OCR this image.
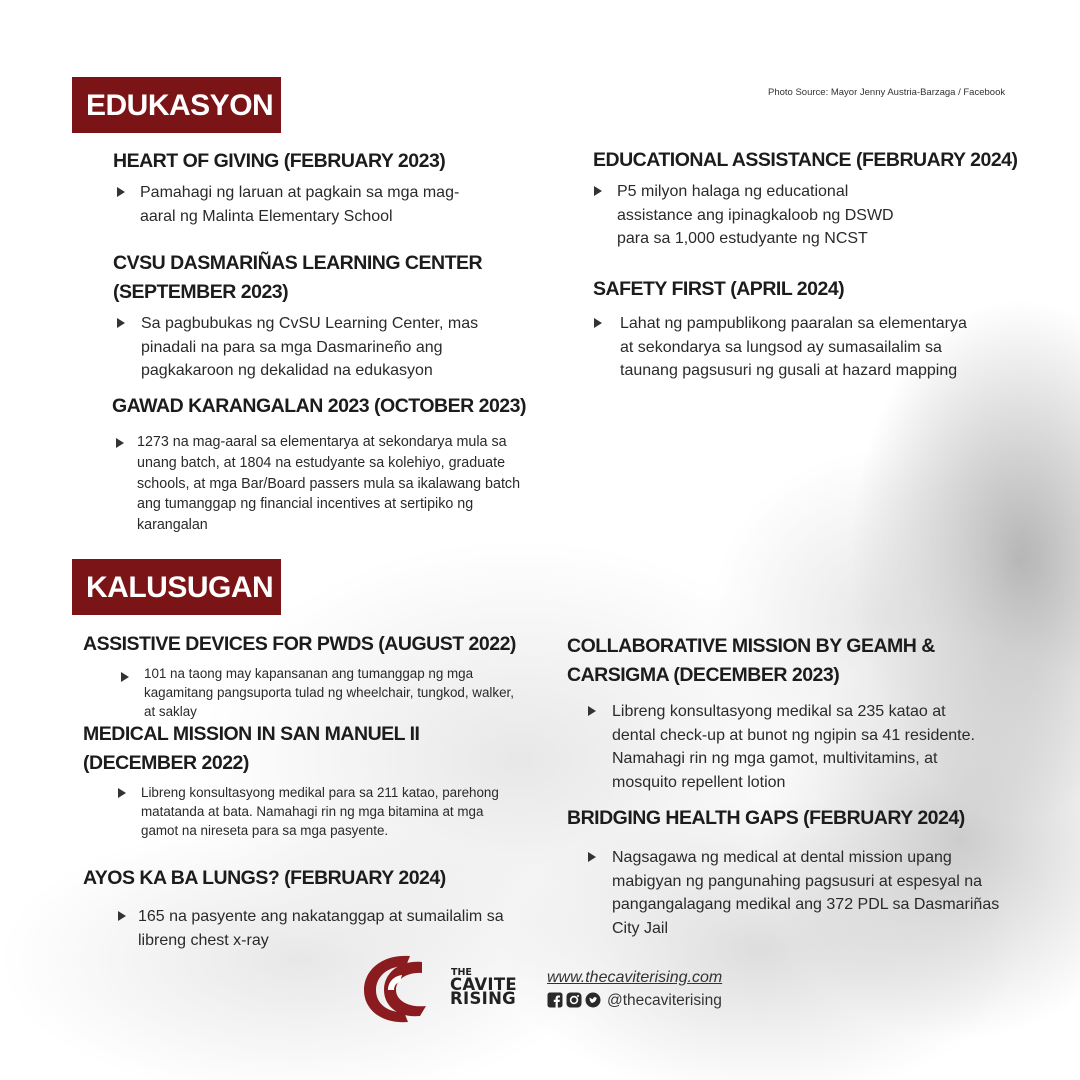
Photo Source: Mayor Jenny Austria-Barzaga / Facebook
EDUKASYON
HEART OF GIVING (FEBRUARY 2023)
Pamahagi ng laruan at pagkain sa mga mag-
aaral ng Malinta Elementary School
CVSU DASMARIÑAS LEARNING CENTER
(SEPTEMBER 2023)
Sa pagbubukas ng CvSU Learning Center, mas
pinadali na para sa mga Dasmarineño ang
pagkakaroon ng dekalidad na edukasyon
GAWAD KARANGALAN 2023 (OCTOBER 2023)
1273 na mag-aaral sa elementarya at sekondarya mula sa
unang batch, at 1804 na estudyante sa kolehiyo, graduate
schools, at mga Bar/Board passers mula sa ikalawang batch
ang tumanggap ng financial incentives at sertipiko ng
karangalan
EDUCATIONAL ASSISTANCE (FEBRUARY 2024)
P5 milyon halaga ng educational
assistance ang ipinagkaloob ng DSWD
para sa 1,000 estudyante ng NCST
SAFETY FIRST (APRIL 2024)
Lahat ng pampublikong paaralan sa elementarya
at sekondarya sa lungsod ay sumasailalim sa
taunang pagsusuri ng gusali at hazard mapping
KALUSUGAN
ASSISTIVE DEVICES FOR PWDS (AUGUST 2022)
101 na taong may kapansanan ang tumanggap ng mga
kagamitang pangsuporta tulad ng wheelchair, tungkod, walker,
at saklay
MEDICAL MISSION IN SAN MANUEL II
(DECEMBER 2022)
Libreng konsultasyong medikal para sa 211 katao, parehong
matatanda at bata. Namahagi rin ng mga bitamina at mga
gamot na nireseta para sa mga pasyente.
AYOS KA BA LUNGS? (FEBRUARY 2024)
165 na pasyente ang nakatanggap at sumailalim sa
libreng chest x-ray
COLLABORATIVE MISSION BY GEAMH &
CARSIGMA (DECEMBER 2023)
Libreng konsultasyong medikal sa 235 katao at
dental check-up at bunot ng ngipin sa 41 residente.
Namahagi rin ng mga gamot, multivitamins, at
mosquito repellent lotion
BRIDGING HEALTH GAPS (FEBRUARY 2024)
Nagsagawa ng medical at dental mission upang
mabigyan ng pangunahing pagsusuri at espesyal na
pangangalagang medikal ang 372 PDL sa Dasmariñas
City Jail
THE
CAVITE
RISING
www.thecaviterising.com
@thecaviterising
